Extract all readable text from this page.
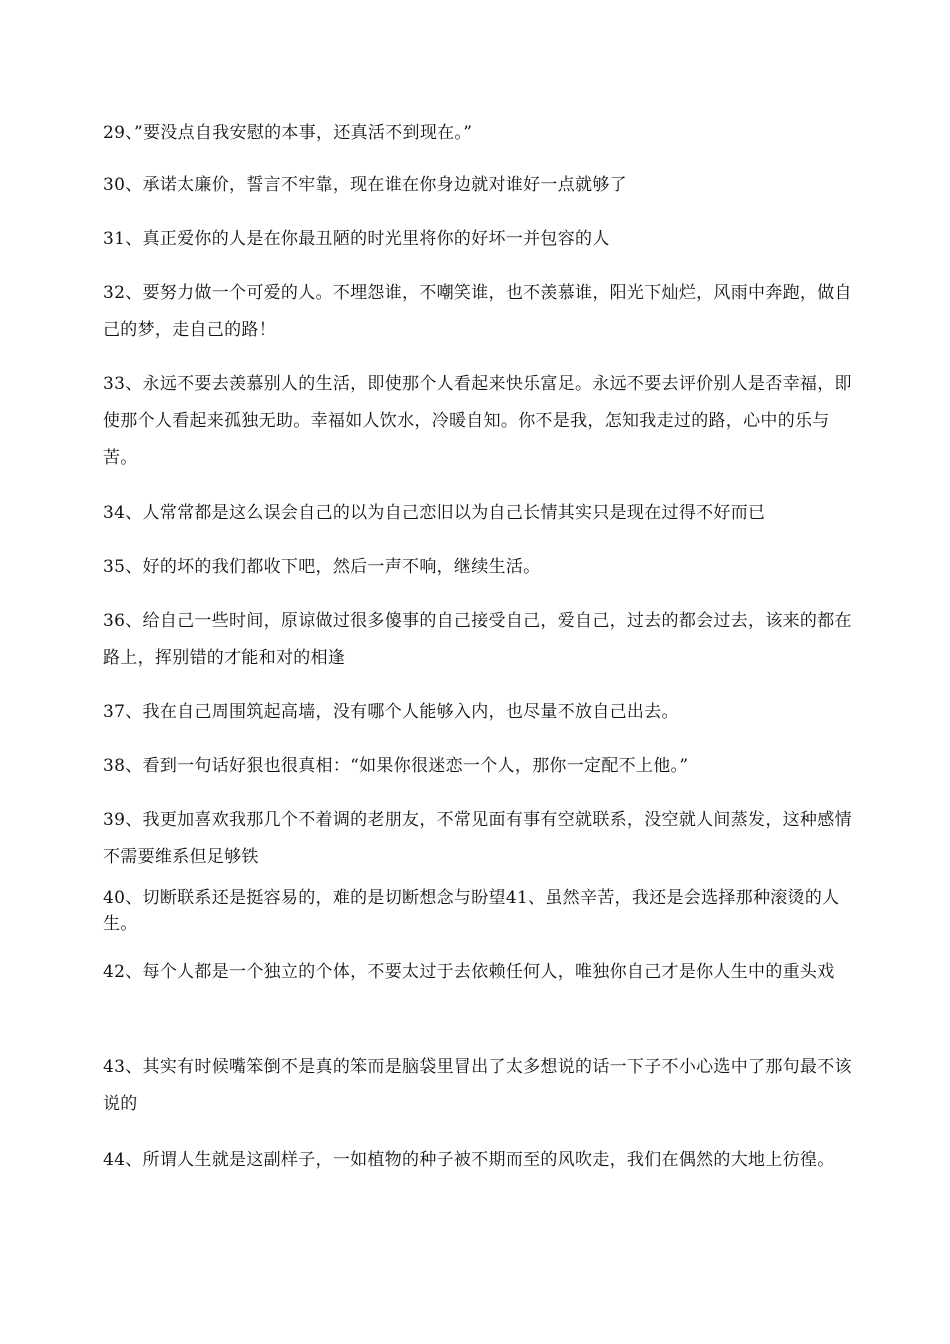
29、”要没点自我安慰的本事，还真活不到现在。”

30、承诺太廉价，誓言不牢靠，现在谁在你身边就对谁好一点就够了

31、真正爱你的人是在你最丑陋的时光里将你的好坏一并包容的人

32、要努力做一个可爱的人。不埋怨谁，不嘲笑谁，也不羡慕谁，阳光下灿烂，风雨中奔跑，做自己的梦，走自己的路！

33、永远不要去羡慕别人的生活，即使那个人看起来快乐富足。永远不要去评价别人是否幸福，即使那个人看起来孤独无助。幸福如人饮水，冷暖自知。你不是我，怎知我走过的路，心中的乐与苦。

34、人常常都是这么误会自己的以为自己恋旧以为自己长情其实只是现在过得不好而已

35、好的坏的我们都收下吧，然后一声不响，继续生活。

36、给自己一些时间，原谅做过很多傻事的自己接受自己，爱自己，过去的都会过去，该来的都在路上，挥别错的才能和对的相逢

37、我在自己周围筑起高墙，没有哪个人能够入内，也尽量不放自己出去。

38、看到一句话好狠也很真相：“如果你很迷恋一个人，那你一定配不上他。”

39、我更加喜欢我那几个不着调的老朋友，不常见面有事有空就联系，没空就人间蒸发，这种感情不需要维系但足够铁

40、切断联系还是挺容易的，难的是切断想念与盼望41、虽然辛苦，我还是会选择那种滚烫的人生。

42、每个人都是一个独立的个体，不要太过于去依赖任何人，唯独你自己才是你人生中的重头戏

43、其实有时候嘴笨倒不是真的笨而是脑袋里冒出了太多想说的话一下子不小心选中了那句最不该说的

44、所谓人生就是这副样子，一如植物的种子被不期而至的风吹走，我们在偶然的大地上彷徨。
